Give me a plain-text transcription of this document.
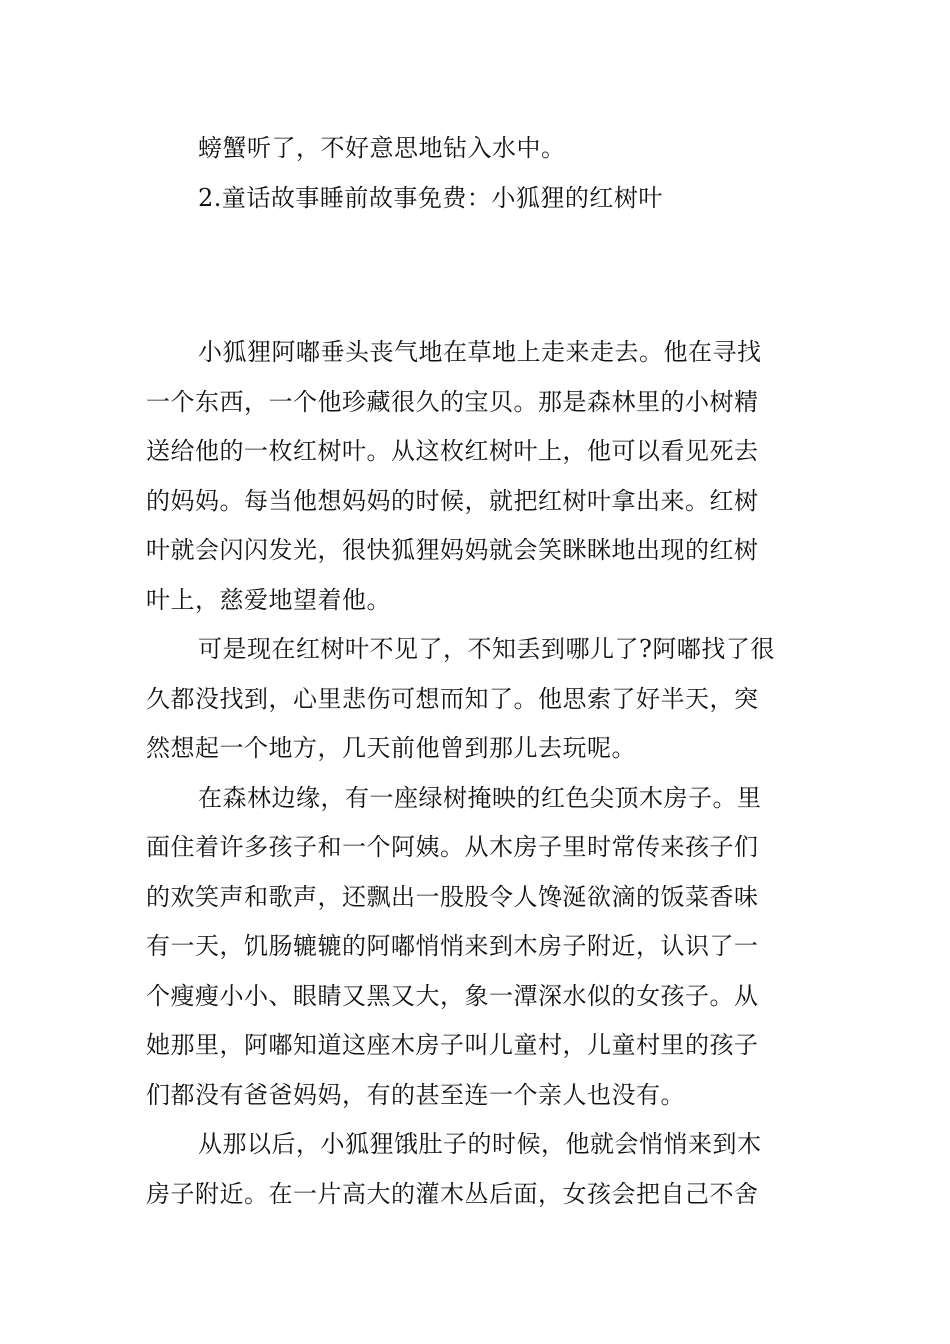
螃蟹听了，不好意思地钻入水中。
2.童话故事睡前故事免费：小狐狸的红树叶
小狐狸阿嘟垂头丧气地在草地上走来走去。他在寻找
一个东西，一个他珍藏很久的宝贝。那是森林里的小树精
送给他的一枚红树叶。从这枚红树叶上，他可以看见死去
的妈妈。每当他想妈妈的时候，就把红树叶拿出来。红树
叶就会闪闪发光，很快狐狸妈妈就会笑眯眯地出现的红树
叶上，慈爱地望着他。
可是现在红树叶不见了，不知丢到哪儿了?阿嘟找了很
久都没找到，心里悲伤可想而知了。他思索了好半天，突
然想起一个地方，几天前他曾到那儿去玩呢。
在森林边缘，有一座绿树掩映的红色尖顶木房子。里
面住着许多孩子和一个阿姨。从木房子里时常传来孩子们
的欢笑声和歌声，还飘出一股股令人馋涎欲滴的饭菜香味
有一天，饥肠辘辘的阿嘟悄悄来到木房子附近，认识了一
个瘦瘦小小、眼睛又黑又大，象一潭深水似的女孩子。从
她那里，阿嘟知道这座木房子叫儿童村，儿童村里的孩子
们都没有爸爸妈妈，有的甚至连一个亲人也没有。
从那以后，小狐狸饿肚子的时候，他就会悄悄来到木
房子附近。在一片高大的灌木丛后面，女孩会把自己不舍
